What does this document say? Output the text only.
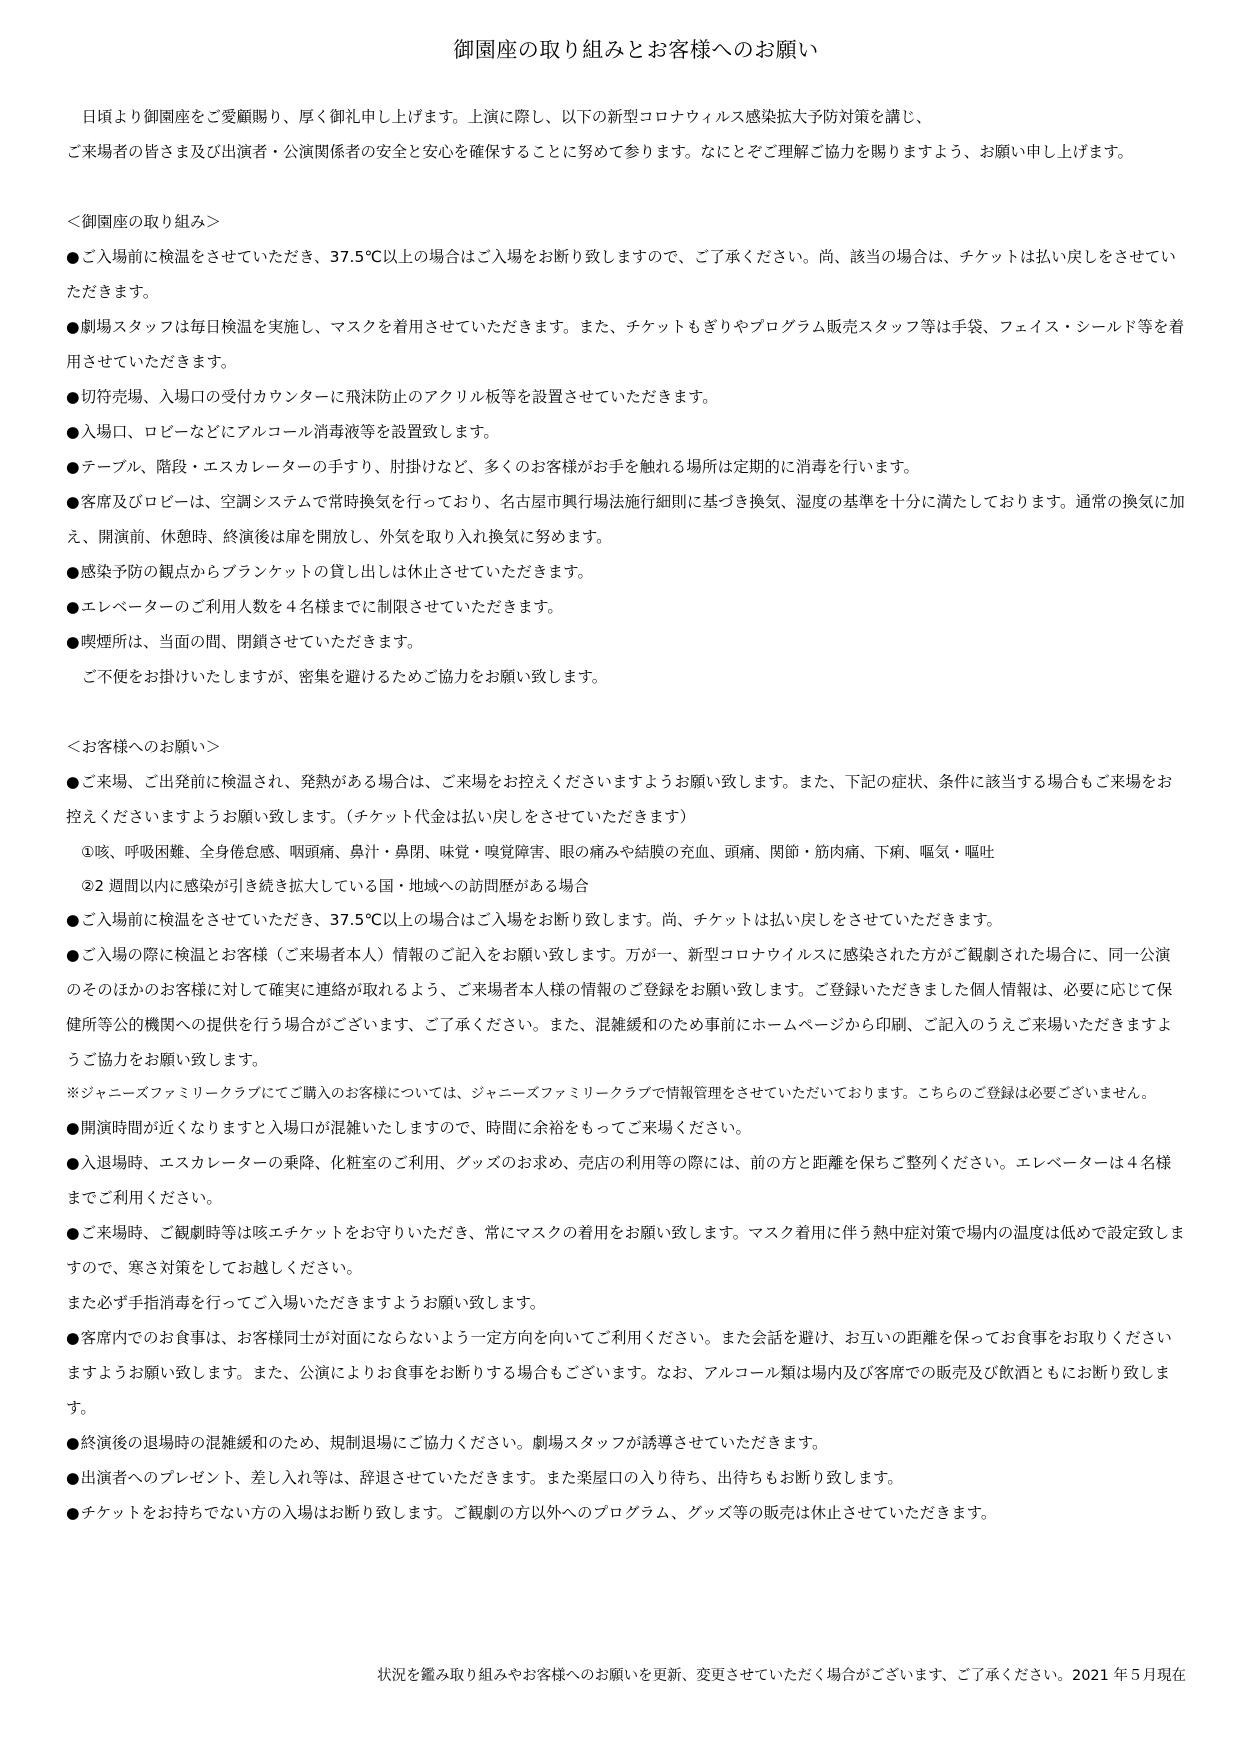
御園座の取り組みとお客様へのお願い
日頃より御園座をご愛顧賜り、厚く御礼申し上げます。上演に際し、以下の新型コロナウィルス感染拡大予防対策を講じ、
ご来場者の皆さま及び出演者・公演関係者の安全と安心を確保することに努めて参ります。なにとぞご理解ご協力を賜りますよう、お願い申し上げます。
＜御園座の取り組み＞
●ご入場前に検温をさせていただき、37.5℃以上の場合はご入場をお断り致しますので、ご了承ください。尚、該当の場合は、チケットは払い戻しをさせていただきます。
●劇場スタッフは毎日検温を実施し、マスクを着用させていただきます。また、チケットもぎりやプログラム販売スタッフ等は手袋、フェイス・シールド等を着用させていただきます。
●切符売場、入場口の受付カウンターに飛沫防止のアクリル板等を設置させていただきます。
●入場口、ロビーなどにアルコール消毒液等を設置致します。
●テーブル、階段・エスカレーターの手すり、肘掛けなど、多くのお客様がお手を触れる場所は定期的に消毒を行います。
●客席及びロビーは、空調システムで常時換気を行っており、名古屋市興行場法施行細則に基づき換気、湿度の基準を十分に満たしております。通常の換気に加え、開演前、休憩時、終演後は扉を開放し、外気を取り入れ換気に努めます。
●感染予防の観点からブランケットの貸し出しは休止させていただきます。
●エレベーターのご利用人数を４名様までに制限させていただきます。
●喫煙所は、当面の間、閉鎖させていただきます。
ご不便をお掛けいたしますが、密集を避けるためご協力をお願い致します。
＜お客様へのお願い＞
●ご来場、ご出発前に検温され、発熱がある場合は、ご来場をお控えくださいますようお願い致します。また、下記の症状、条件に該当する場合もご来場をお控えくださいますようお願い致します。（チケット代金は払い戻しをさせていただきます）
①咳、呼吸困難、全身倦怠感、咽頭痛、鼻汁・鼻閉、味覚・嗅覚障害、眼の痛みや結膜の充血、頭痛、関節・筋肉痛、下痢、嘔気・嘔吐
②2 週間以内に感染が引き続き拡大している国・地域への訪問歴がある場合
●ご入場前に検温をさせていただき、37.5℃以上の場合はご入場をお断り致します。尚、チケットは払い戻しをさせていただきます。
●ご入場の際に検温とお客様（ご来場者本人）情報のご記入をお願い致します。万が一、新型コロナウイルスに感染された方がご観劇された場合に、同一公演のそのほかのお客様に対して確実に連絡が取れるよう、ご来場者本人様の情報のご登録をお願い致します。ご登録いただきました個人情報は、必要に応じて保健所等公的機関への提供を行う場合がございます、ご了承ください。また、混雑緩和のため事前にホームページから印刷、ご記入のうえご来場いただきますようご協力をお願い致します。
※ジャニーズファミリークラブにてご購入のお客様については、ジャニーズファミリークラブで情報管理をさせていただいております。こちらのご登録は必要ございません。
●開演時間が近くなりますと入場口が混雑いたしますので、時間に余裕をもってご来場ください。
●入退場時、エスカレーターの乗降、化粧室のご利用、グッズのお求め、売店の利用等の際には、前の方と距離を保ちご整列ください。エレベーターは４名様までご利用ください。
●ご来場時、ご観劇時等は咳エチケットをお守りいただき、常にマスクの着用をお願い致します。マスク着用に伴う熱中症対策で場内の温度は低めで設定致しますので、寒さ対策をしてお越しください。
また必ず手指消毒を行ってご入場いただきますようお願い致します。
●客席内でのお食事は、お客様同士が対面にならないよう一定方向を向いてご利用ください。また会話を避け、お互いの距離を保ってお食事をお取りくださいますようお願い致します。また、公演によりお食事をお断りする場合もございます。なお、アルコール類は場内及び客席での販売及び飲酒ともにお断り致します。
●終演後の退場時の混雑緩和のため、規制退場にご協力ください。劇場スタッフが誘導させていただきます。
●出演者へのプレゼント、差し入れ等は、辞退させていただきます。また楽屋口の入り待ち、出待ちもお断り致します。
●チケットをお持ちでない方の入場はお断り致します。ご観劇の方以外へのプログラム、グッズ等の販売は休止させていただきます。
状況を鑑み取り組みやお客様へのお願いを更新、変更させていただく場合がございます、ご了承ください。2021 年５月現在
